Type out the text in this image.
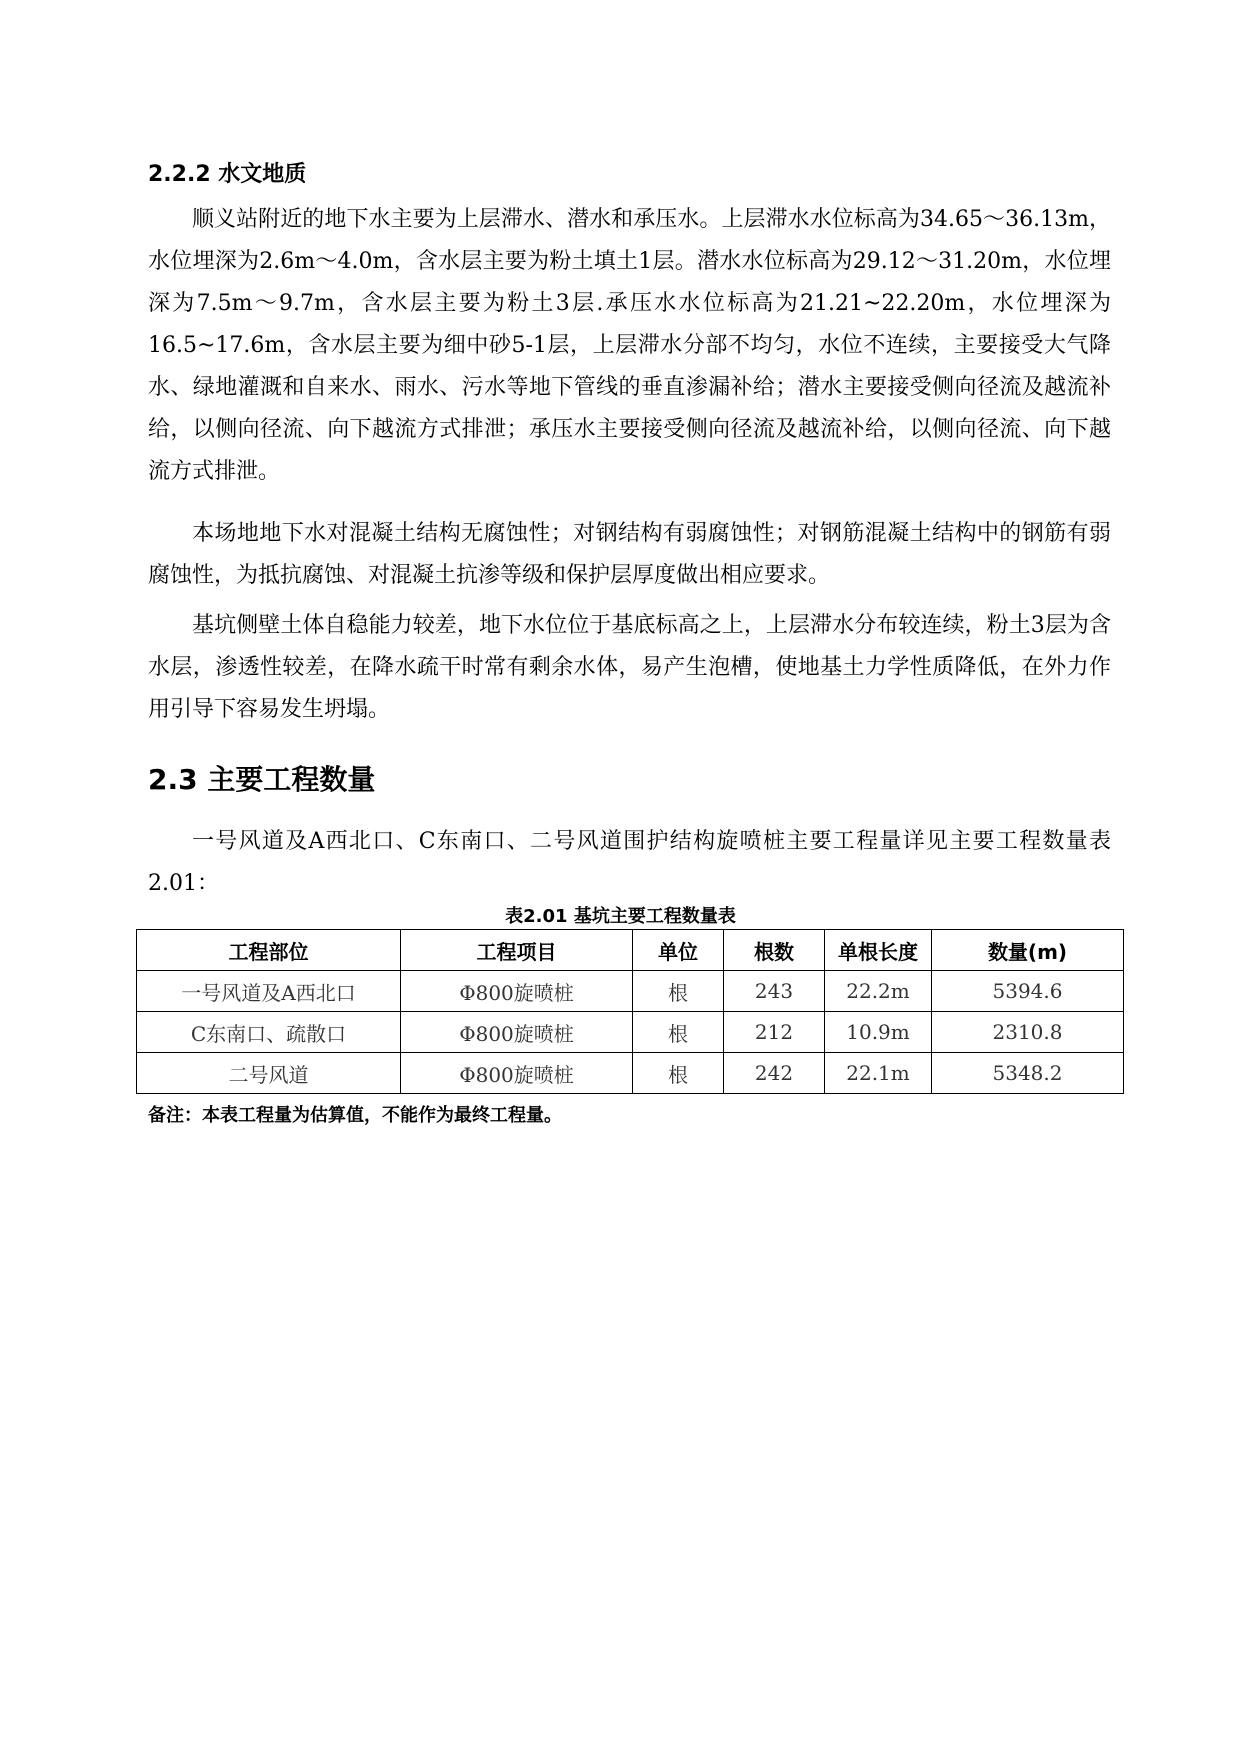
2.2.2 水文地质

顺义站附近的地下水主要为上层滞水、潜水和承压水。上层滞水水位标高为34.65～36.13m，水位埋深为2.6m～4.0m，含水层主要为粉土填土1层。潜水水位标高为29.12～31.20m，水位埋深为7.5m～9.7m，含水层主要为粉土3层.承压水水位标高为21.21~22.20m，水位埋深为16.5~17.6m，含水层主要为细中砂5-1层，上层滞水分部不均匀，水位不连续，主要接受大气降水、绿地灌溉和自来水、雨水、污水等地下管线的垂直渗漏补给；潜水主要接受侧向径流及越流补给，以侧向径流、向下越流方式排泄；承压水主要接受侧向径流及越流补给，以侧向径流、向下越流方式排泄。

本场地地下水对混凝土结构无腐蚀性；对钢结构有弱腐蚀性；对钢筋混凝土结构中的钢筋有弱腐蚀性，为抵抗腐蚀、对混凝土抗渗等级和保护层厚度做出相应要求。

基坑侧壁土体自稳能力较差，地下水位位于基底标高之上，上层滞水分布较连续，粉土3层为含水层，渗透性较差，在降水疏干时常有剩余水体，易产生泡槽，使地基土力学性质降低，在外力作用引导下容易发生坍塌。

2.3 主要工程数量

一号风道及A西北口、C东南口、二号风道围护结构旋喷桩主要工程量详见主要工程数量表2.01：

表2.01 基坑主要工程数量表
工程部位	工程项目	单位	根数	单根长度	数量(m)
一号风道及A西北口	Φ800旋喷桩	根	243	22.2m	5394.6
C东南口、疏散口	Φ800旋喷桩	根	212	10.9m	2310.8
二号风道	Φ800旋喷桩	根	242	22.1m	5348.2
备注：本表工程量为估算值，不能作为最终工程量。
